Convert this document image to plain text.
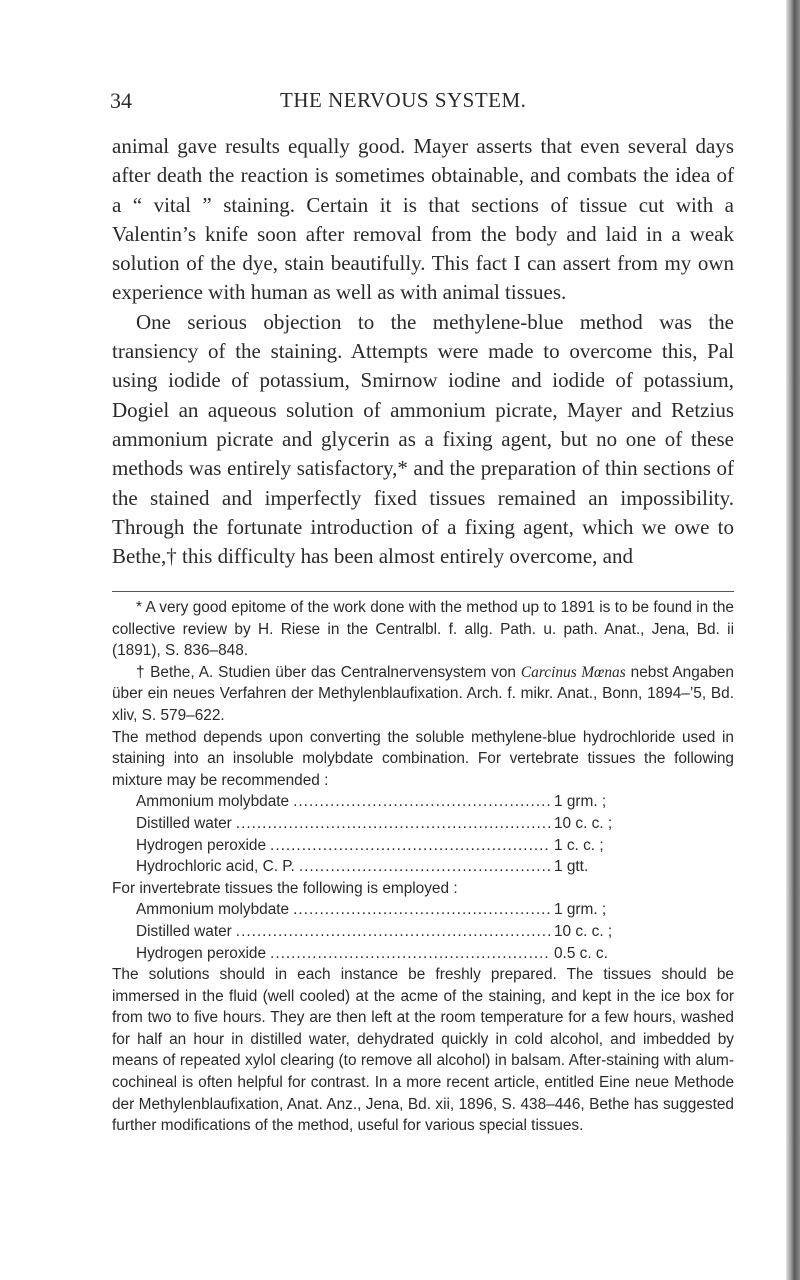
34	THE NERVOUS SYSTEM.

animal gave results equally good. Mayer asserts that even several days after death the reaction is sometimes obtainable, and combats the idea of a “ vital ” staining. Certain it is that sections of tissue cut with a Valentin’s knife soon after removal from the body and laid in a weak solution of the dye, stain beautifully. This fact I can assert from my own experience with human as well as with animal tissues.

One serious objection to the methylene-blue method was the transiency of the staining. Attempts were made to overcome this, Pal using iodide of potassium, Smirnow iodine and iodide of potassium, Dogiel an aqueous solution of ammonium picrate, Mayer and Retzius ammonium picrate and glycerin as a fixing agent, but no one of these methods was entirely satisfactory,* and the preparation of thin sections of the stained and imperfectly fixed tissues remained an impossibility. Through the fortunate introduction of a fixing agent, which we owe to Bethe,† this difficulty has been almost entirely overcome, and

* A very good epitome of the work done with the method up to 1891 is to be found in the collective review by H. Riese in the Centralbl. f. allg. Path. u. path. Anat., Jena, Bd. ii (1891), S. 836–848.

† Bethe, A. Studien über das Centralnervensystem von Carcinus Mœnas nebst Angaben über ein neues Verfahren der Methylenblaufixation. Arch. f. mikr. Anat., Bonn, 1894–’5, Bd. xliv, S. 579–622.

The method depends upon converting the soluble methylene-blue hydrochloride used in staining into an insoluble molybdate combination. For vertebrate tissues the following mixture may be recommended :

Ammonium molybdate .....	1 grm. ;
Distilled water .....	10 c. c. ;
Hydrogen peroxide .....	1 c. c. ;
Hydrochloric acid, C. P. .....	1 gtt.

For invertebrate tissues the following is employed :

Ammonium molybdate .....	1 grm. ;
Distilled water .....	10 c. c. ;
Hydrogen peroxide .....	0.5 c. c.

The solutions should in each instance be freshly prepared. The tissues should be immersed in the fluid (well cooled) at the acme of the staining, and kept in the ice box for from two to five hours. They are then left at the room temperature for a few hours, washed for half an hour in distilled water, dehydrated quickly in cold alcohol, and imbedded by means of repeated xylol clearing (to remove all alcohol) in balsam. After-staining with alum-cochineal is often helpful for contrast. In a more recent article, entitled Eine neue Methode der Methylenblaufixation, Anat. Anz., Jena, Bd. xii, 1896, S. 438–446, Bethe has suggested further modifications of the method, useful for various special tissues.
